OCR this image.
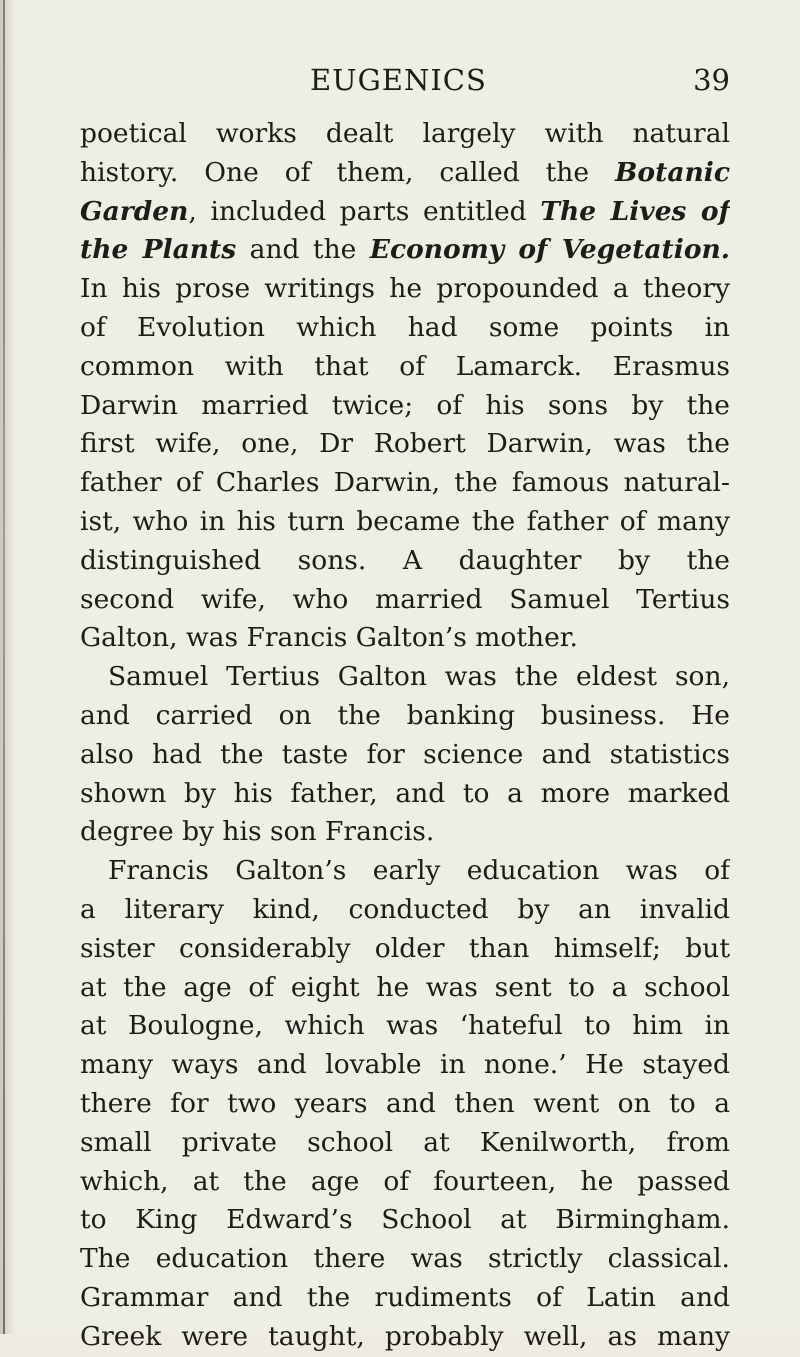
EUGENICS	39
poetical works dealt largely with natural
history. One of them, called the Botanic
Garden, included parts entitled The Lives of
the Plants and the Economy of Vegetation.
In his prose writings he propounded a theory
of Evolution which had some points in
common with that of Lamarck. Erasmus
Darwin married twice; of his sons by the
first wife, one, Dr Robert Darwin, was the
father of Charles Darwin, the famous natural-
ist, who in his turn became the father of many
distinguished sons. A daughter by the
second wife, who married Samuel Tertius
Galton, was Francis Galton’s mother.
Samuel Tertius Galton was the eldest son,
and carried on the banking business. He
also had the taste for science and statistics
shown by his father, and to a more marked
degree by his son Francis.
Francis Galton’s early education was of
a literary kind, conducted by an invalid
sister considerably older than himself; but
at the age of eight he was sent to a school
at Boulogne, which was ‘hateful to him in
many ways and lovable in none.’ He stayed
there for two years and then went on to a
small private school at Kenilworth, from
which, at the age of fourteen, he passed
to King Edward’s School at Birmingham.
The education there was strictly classical.
Grammar and the rudiments of Latin and
Greek were taught, probably well, as many
